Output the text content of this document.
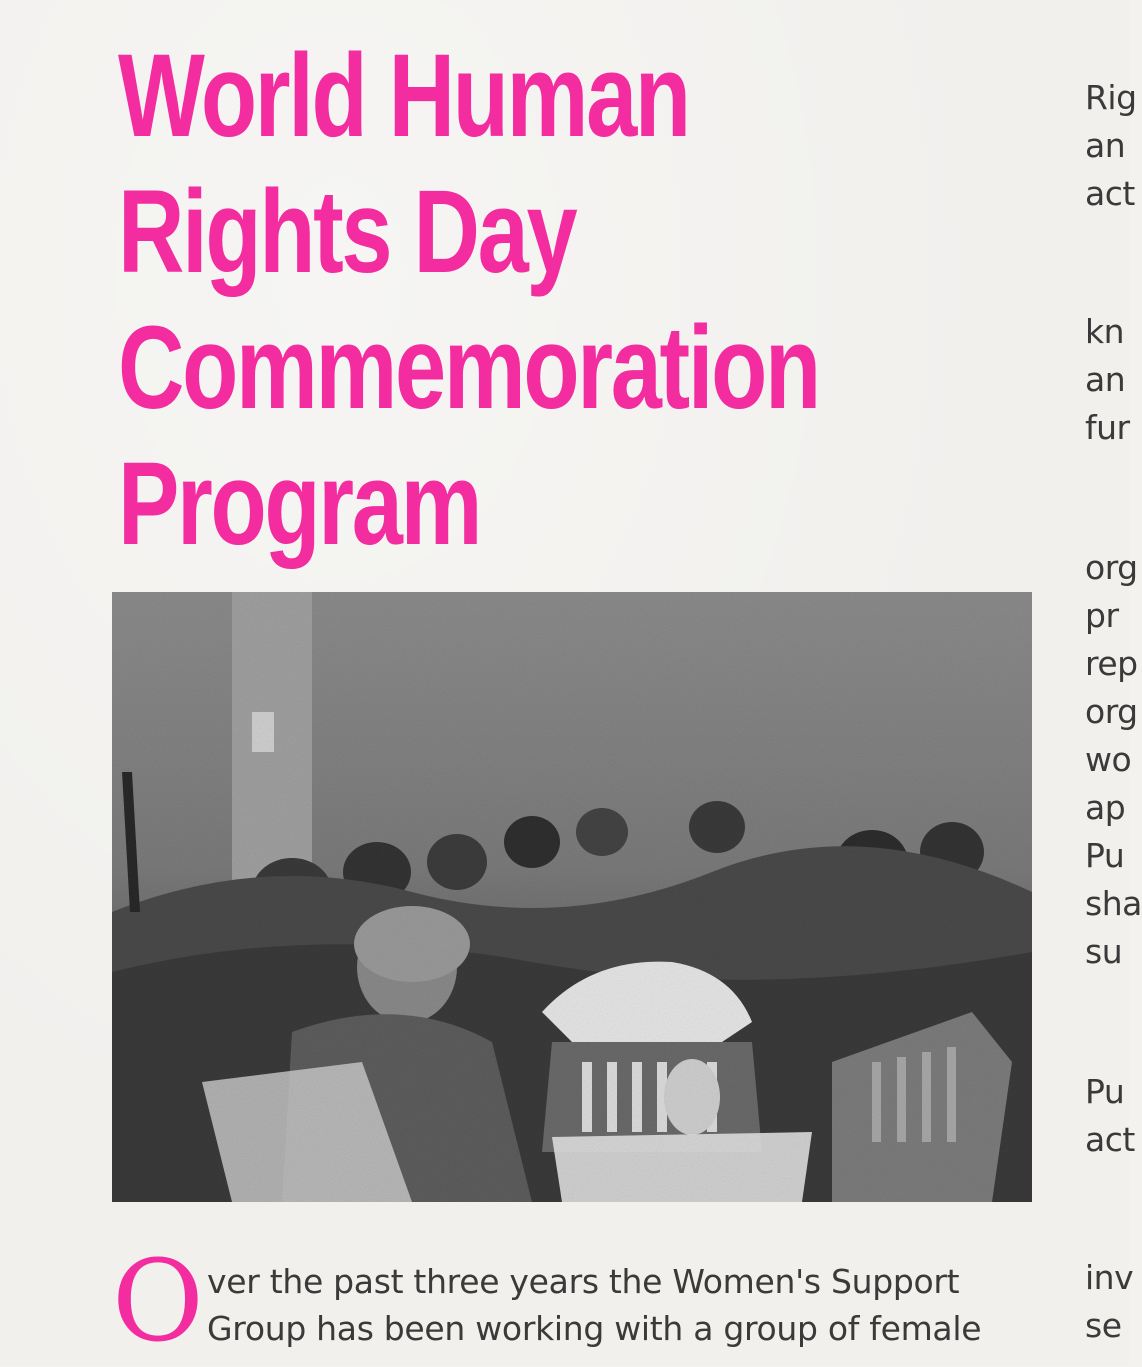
World Human
Rights Day
Commemoration
Program
O ver the past three years the Women's Support
Group has been working with a group of female
Rig
an
act
kn
an
fur
org
pr
rep
org
wo
ap
Pu
sha
su
Pu
act
inv
se
